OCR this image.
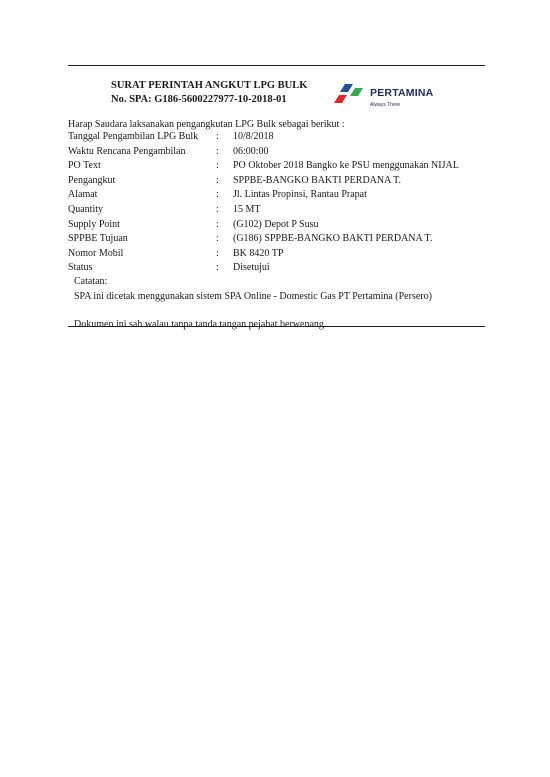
SURAT PERINTAH ANGKUT LPG BULK
No. SPA: G186-5600227977-10-2018-01
PERTAMINA
Always There
Harap Saudara laksanakan pengangkutan LPG Bulk sebagai berikut :
Tanggal Pengambilan LPG Bulk : 10/8/2018
Waktu Rencana Pengambilan	: 06:00:00
PO Text	: PO Oktober 2018 Bangko ke PSU menggunakan NIJAL
Pengangkut	: SPPBE-BANGKO BAKTI PERDANA T.
Alamat	: Jl. Lintas Propinsi, Rantau Prapat
Quantity	: 15 MT
Supply Point	: (G102) Depot P Susu
SPPBE Tujuan	: (G186) SPPBE-BANGKO BAKTI PERDANA T.
Nomor Mobil	: BK 8420 TP
Status	: Disetujui
Catatan:
SPA ini dicetak menggunakan sistem SPA Online - Domestic Gas PT Pertamina (Persero)
Dokumen ini sah walau tanpa tanda tangan pejabat berwenang
